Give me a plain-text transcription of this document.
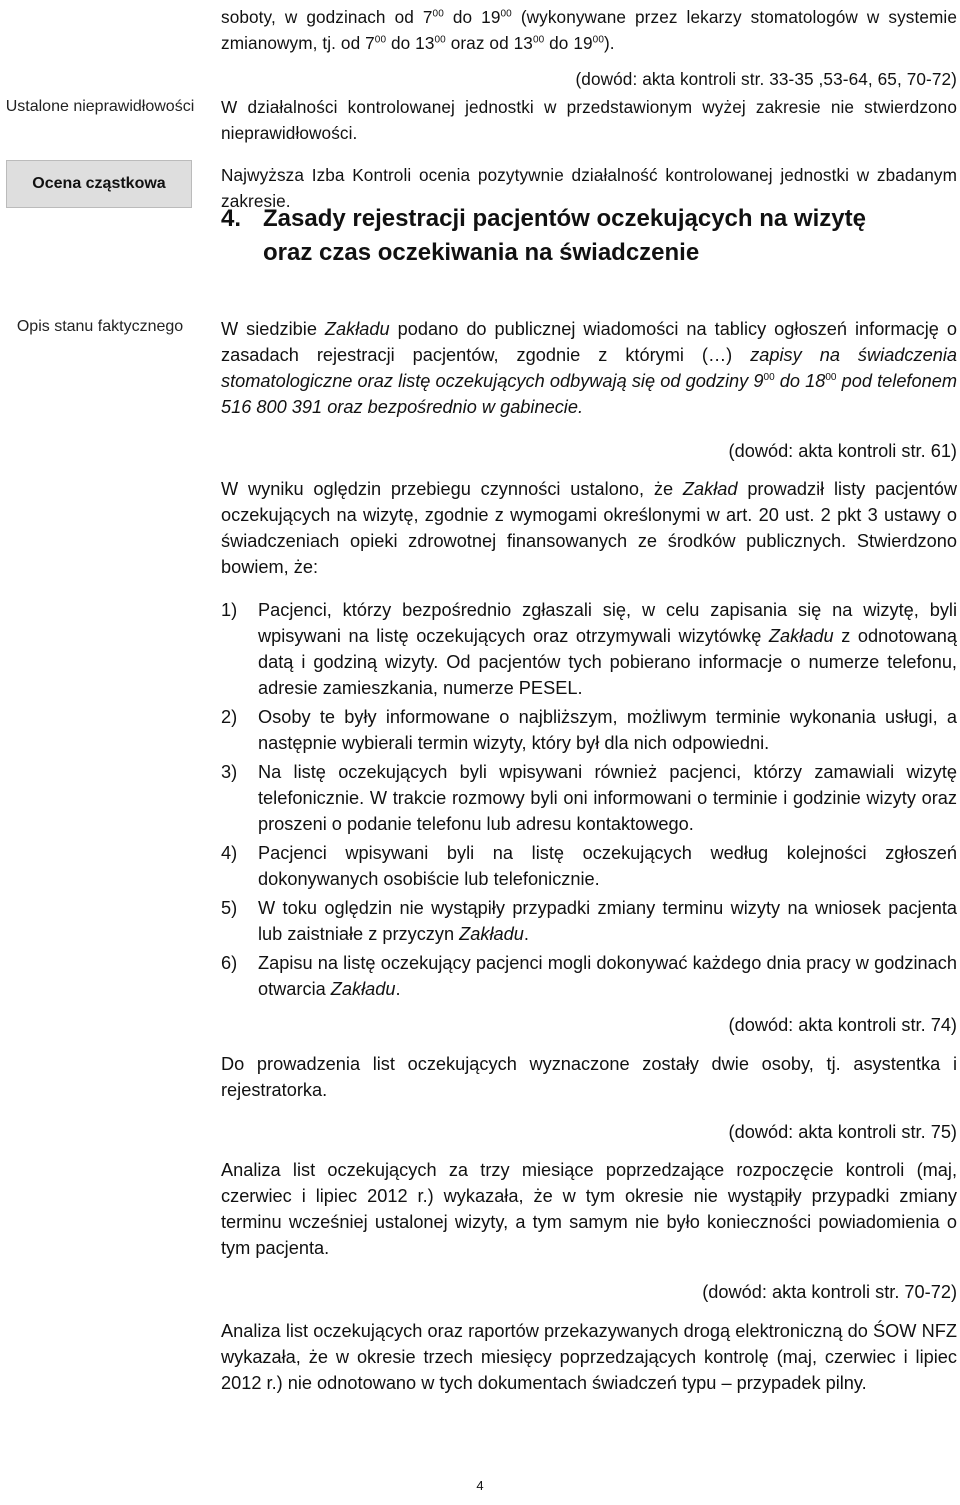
Ustalone nieprawidłowości
Ocena cząstkowa
Opis stanu faktycznego
soboty, w godzinach od $7^{00}$ do $19^{00}$ (wykonywane przez lekarzy stomatologów w systemie zmianowym, tj. od $7^{00}$ do $13^{00}$ oraz od $13^{00}$ do $19^{00}$).
(dowód: akta kontroli str. 33-35 ,53-64, 65, 70-72)
W działalności kontrolowanej jednostki w przedstawionym wyżej zakresie nie stwierdzono nieprawidłowości.
Najwyższa Izba Kontroli ocenia pozytywnie działalność kontrolowanej jednostki w zbadanym zakresie.
4. Zasady rejestracji pacjentów oczekujących na wizytę
oraz czas oczekiwania na świadczenie
W siedzibie Zakładu podano do publicznej wiadomości na tablicy ogłoszeń informację o zasadach rejestracji pacjentów, zgodnie z którymi (…) zapisy na świadczenia stomatologiczne oraz listę oczekujących odbywają się od godziny $9^{00}$ do $18^{00}$ pod telefonem 516 800 391 oraz bezpośrednio w gabinecie.
(dowód: akta kontroli str. 61)
W wyniku oględzin przebiegu czynności ustalono, że Zakład prowadził listy pacjentów oczekujących na wizytę, zgodnie z wymogami określonymi w art. 20 ust. 2 pkt 3 ustawy o świadczeniach opieki zdrowotnej finansowanych ze środków publicznych. Stwierdzono bowiem, że:
1) Pacjenci, którzy bezpośrednio zgłaszali się, w celu zapisania się na wizytę, byli wpisywani na listę oczekujących oraz otrzymywali wizytówkę Zakładu z odnotowaną datą i godziną wizyty. Od pacjentów tych pobierano informacje o numerze telefonu, adresie zamieszkania, numerze PESEL.
2) Osoby te były informowane o najbliższym, możliwym terminie wykonania usługi, a następnie wybierali termin wizyty, który był dla nich odpowiedni.
3) Na listę oczekujących byli wpisywani również pacjenci, którzy zamawiali wizytę telefonicznie. W trakcie rozmowy byli oni informowani o terminie i godzinie wizyty oraz proszeni o podanie telefonu lub adresu kontaktowego.
4) Pacjenci wpisywani byli na listę oczekujących według kolejności zgłoszeń dokonywanych osobiście lub telefonicznie.
5) W toku oględzin nie wystąpiły przypadki zmiany terminu wizyty na wniosek pacjenta lub zaistniałe z przyczyn Zakładu.
6) Zapisu na listę oczekujący pacjenci mogli dokonywać każdego dnia pracy w godzinach otwarcia Zakładu.
(dowód: akta kontroli str. 74)
Do prowadzenia list oczekujących wyznaczone zostały dwie osoby, tj. asystentka i rejestratorka.
(dowód: akta kontroli str. 75)
Analiza list oczekujących za trzy miesiące poprzedzające rozpoczęcie kontroli (maj, czerwiec i lipiec 2012 r.) wykazała, że w tym okresie nie wystąpiły przypadki zmiany terminu wcześniej ustalonej wizyty, a tym samym nie było konieczności powiadomienia o tym pacjenta.
(dowód: akta kontroli str. 70-72)
Analiza list oczekujących oraz raportów przekazywanych drogą elektroniczną do ŚOW NFZ wykazała, że w okresie trzech miesięcy poprzedzających kontrolę (maj, czerwiec i lipiec 2012 r.) nie odnotowano w tych dokumentach świadczeń typu – przypadek pilny.
4
